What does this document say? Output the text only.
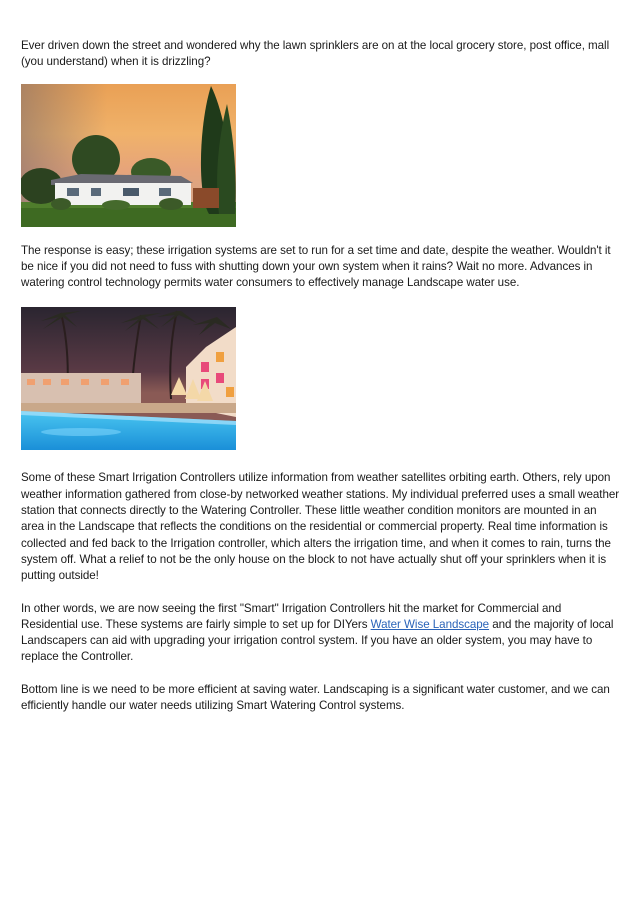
Ever driven down the street and wondered why the lawn sprinklers are on at the local grocery store, post office, mall (you understand) when it is drizzling?

The response is easy; these irrigation systems are set to run for a set time and date, despite the weather. Wouldn't it be nice if you did not need to fuss with shutting down your own system when it rains? Wait no more. Advances in watering control technology permits water consumers to effectively manage Landscape water use.

Some of these Smart Irrigation Controllers utilize information from weather satellites orbiting earth. Others, rely upon weather information gathered from close-by networked weather stations. My individual preferred uses a small weather station that connects directly to the Watering Controller. These little weather condition monitors are mounted in an area in the Landscape that reflects the conditions on the residential or commercial property. Real time information is collected and fed back to the Irrigation controller, which alters the irrigation time, and when it comes to rain, turns the system off. What a relief to not be the only house on the block to not have actually shut off your sprinklers when it is putting outside!

In other words, we are now seeing the first "Smart" Irrigation Controllers hit the market for Commercial and Residential use. These systems are fairly simple to set up for DIYers Water Wise Landscape and the majority of local Landscapers can aid with upgrading your irrigation control system. If you have an older system, you may have to replace the Controller.

Bottom line is we need to be more efficient at saving water. Landscaping is a significant water customer, and we can efficiently handle our water needs utilizing Smart Watering Control systems.
